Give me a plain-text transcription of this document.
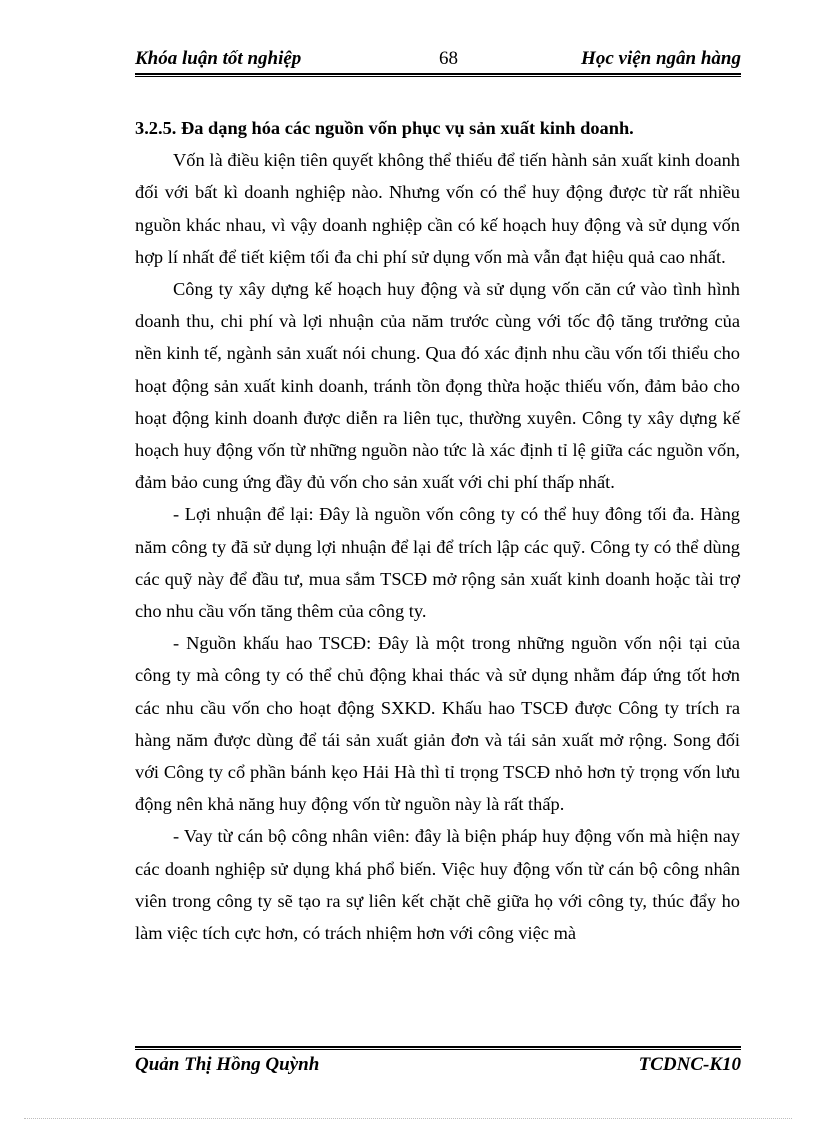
Khóa luận tốt nghiệp	68	Học viện ngân hàng
3.2.5. Đa dạng hóa các nguồn vốn phục vụ sản xuất kinh doanh.

Vốn là điều kiện tiên quyết không thể thiếu để tiến hành sản xuất kinh doanh đối với bất kì doanh nghiệp nào. Nhưng vốn có thể huy động được từ rất nhiều nguồn khác nhau, vì vậy doanh nghiệp cần có kế hoạch huy động và sử dụng vốn hợp lí nhất để tiết kiệm tối đa chi phí sử dụng vốn mà vẫn đạt hiệu quả cao nhất.

Công ty xây dựng kế hoạch huy động và sử dụng vốn căn cứ vào tình hình doanh thu, chi phí và lợi nhuận của năm trước cùng với tốc độ tăng trưởng của nền kinh tế, ngành sản xuất nói chung. Qua đó xác định nhu cầu vốn tối thiểu cho hoạt động sản xuất kinh doanh, tránh tồn đọng thừa hoặc thiếu vốn, đảm bảo cho hoạt động kinh doanh được diễn ra liên tục, thường xuyên. Công ty xây dựng kế hoạch huy động vốn từ những nguồn nào tức là xác định tỉ lệ giữa các nguồn vốn, đảm bảo cung ứng đầy đủ vốn cho sản xuất với chi phí thấp nhất.

- Lợi nhuận để lại: Đây là nguồn vốn công ty có thể huy đông tối đa. Hàng năm công ty đã sử dụng lợi nhuận để lại để trích lập các quỹ. Công ty có thể dùng các quỹ này để đầu tư, mua sắm TSCĐ mở rộng sản xuất kinh doanh hoặc tài trợ cho nhu cầu vốn tăng thêm của công ty.

- Nguồn khấu hao TSCĐ: Đây là một trong những nguồn vốn nội tại của công ty mà công ty có thể chủ động khai thác và sử dụng nhằm đáp ứng tốt hơn các nhu cầu vốn cho hoạt động SXKD. Khấu hao TSCĐ được Công ty trích ra hàng năm được dùng để tái sản xuất giản đơn và tái sản xuất mở rộng. Song đối với Công ty cổ phần bánh kẹo Hải Hà thì tỉ trọng TSCĐ nhỏ hơn tỷ trọng vốn lưu động nên khả năng huy động vốn từ nguồn này là rất thấp.

- Vay từ cán bộ công nhân viên: đây là biện pháp huy động vốn mà hiện nay các doanh nghiệp sử dụng khá phổ biến. Việc huy động vốn từ cán bộ công nhân viên trong công ty sẽ tạo ra sự liên kết chặt chẽ giữa họ với công ty, thúc đẩy ho làm việc tích cực hơn, có trách nhiệm hơn với công việc mà

Quản Thị Hồng Quỳnh	TCDNC-K10
